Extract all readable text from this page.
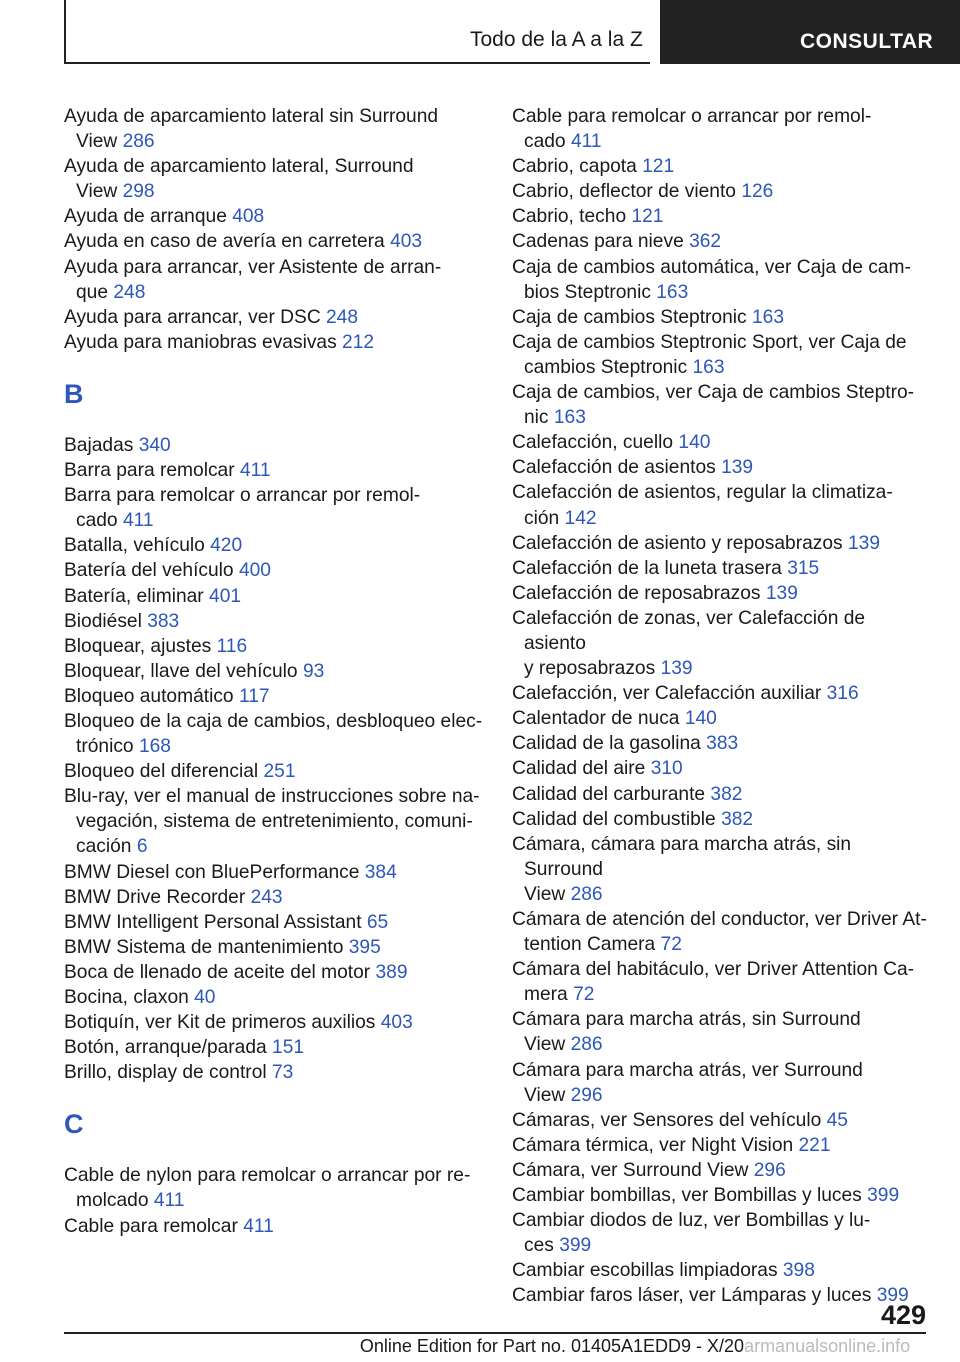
Todo de la A a la Z	CONSULTAR
Ayuda de aparcamiento lateral sin Surround
View 286
Ayuda de aparcamiento lateral, Surround
View 298
Ayuda de arranque 408
Ayuda en caso de avería en carretera 403
Ayuda para arrancar, ver Asistente de arran-
que 248
Ayuda para arrancar, ver DSC 248
Ayuda para maniobras evasivas 212
B
Bajadas 340
Barra para remolcar 411
Barra para remolcar o arrancar por remol-
cado 411
Batalla, vehículo 420
Batería del vehículo 400
Batería, eliminar 401
Biodiésel 383
Bloquear, ajustes 116
Bloquear, llave del vehículo 93
Bloqueo automático 117
Bloqueo de la caja de cambios, desbloqueo elec-
trónico 168
Bloqueo del diferencial 251
Blu-ray, ver el manual de instrucciones sobre na-
vegación, sistema de entretenimiento, comuni-
cación 6
BMW Diesel con BluePerformance 384
BMW Drive Recorder 243
BMW Intelligent Personal Assistant 65
BMW Sistema de mantenimiento 395
Boca de llenado de aceite del motor 389
Bocina, claxon 40
Botiquín, ver Kit de primeros auxilios 403
Botón, arranque/parada 151
Brillo, display de control 73
C
Cable de nylon para remolcar o arrancar por re-
molcado 411
Cable para remolcar 411
Cable para remolcar o arrancar por remol-
cado 411
Cabrio, capota 121
Cabrio, deflector de viento 126
Cabrio, techo 121
Cadenas para nieve 362
Caja de cambios automática, ver Caja de cam-
bios Steptronic 163
Caja de cambios Steptronic 163
Caja de cambios Steptronic Sport, ver Caja de
cambios Steptronic 163
Caja de cambios, ver Caja de cambios Steptro-
nic 163
Calefacción, cuello 140
Calefacción de asientos 139
Calefacción de asientos, regular la climatiza-
ción 142
Calefacción de asiento y reposabrazos 139
Calefacción de la luneta trasera 315
Calefacción de reposabrazos 139
Calefacción de zonas, ver Calefacción de asiento
y reposabrazos 139
Calefacción, ver Calefacción auxiliar 316
Calentador de nuca 140
Calidad de la gasolina 383
Calidad del aire 310
Calidad del carburante 382
Calidad del combustible 382
Cámara, cámara para marcha atrás, sin Surround
View 286
Cámara de atención del conductor, ver Driver At-
tention Camera 72
Cámara del habitáculo, ver Driver Attention Ca-
mera 72
Cámara para marcha atrás, sin Surround
View 286
Cámara para marcha atrás, ver Surround
View 296
Cámaras, ver Sensores del vehículo 45
Cámara térmica, ver Night Vision 221
Cámara, ver Surround View 296
Cambiar bombillas, ver Bombillas y luces 399
Cambiar diodos de luz, ver Bombillas y lu-
ces 399
Cambiar escobillas limpiadoras 398
Cambiar faros láser, ver Lámparas y luces 399
429
Online Edition for Part no. 01405A1EDD9 - X/20armanualsonline.info
